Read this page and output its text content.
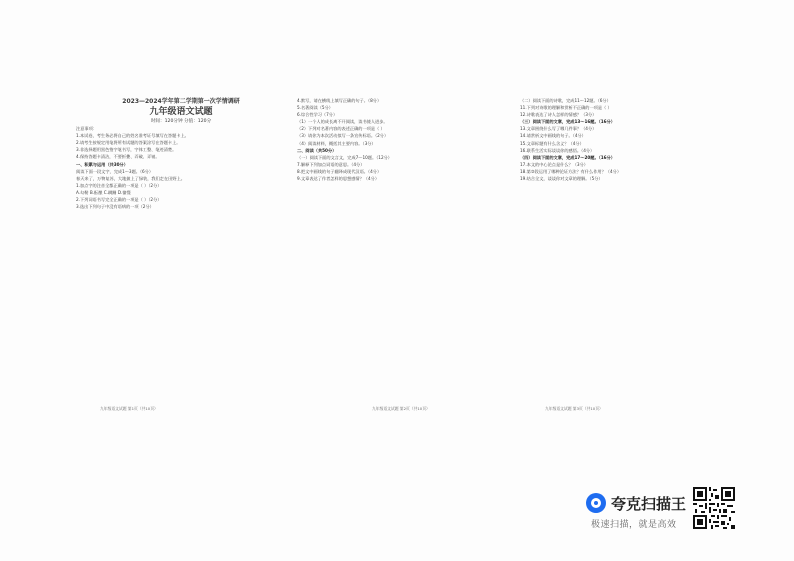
2023—2024学年第二学期第一次学情调研

九年级语文试题

时间：120分钟 分值：120分

注意事项：

1.本试卷，考生务必将自己的姓名准考证号填写在答题卡上。

2.请考生按规定用笔将所有试题的答案涂写在答题卡上。

3.非选择题用黑色签字笔书写，字体工整、笔迹清楚。

4.保持答题卡清洁，不要折叠、弄破、弄皱。

一、积累与运用（共30分）

阅读下面一段文字，完成1～3题。（6分）

春天来了，万物复苏，大地披上了绿装，我们走在田野上。

1.加点字的注音全都正确的一项是（ ）（2分）

A.勾勒 B.酝酿 C.蹒跚 D.憧憬

2.下列词语书写完全正确的一项是（ ）（2分）

3.选出下列句子中没有语病的一项（2分）

4.默写，请在横线上填写正确的句子。（8分）

5.名著阅读（5分）

6.综合性学习（7分）

（1）一个人的成长离不开阅读，读书使人进步。

（2）下列对名著内容的表述正确的一项是（ ）

（3）请你为本次活动拟写一条宣传标语。（2分）

（4）阅读材料，概括其主要内容。（3分）

二、阅读（共50分）

（一）阅读下面的文言文，完成7～10题。（12分）

7.解释下列加点词语的意思。（4分）

8.把文中画线的句子翻译成现代汉语。（4分）

9.文章表达了作者怎样的思想感情？（4分）

（二）阅读下面的诗歌，完成11～12题。（6分）

11.下列对诗歌的理解和赏析不正确的一项是（ ）

12.诗歌表达了诗人怎样的情感？（3分）

（三）阅读下面的文章，完成13～16题。（16分）

13.文章围绕什么写了哪几件事？（4分）

14.请赏析文中画线的句子。（4分）

15.文章标题有什么含义？（4分）

16.联系生活实际谈谈你的感悟。（4分）

（四）阅读下面的文章，完成17～20题。（16分）

17.本文的中心论点是什么？（3分）

18.第③段运用了哪种论证方法？有什么作用？（4分）

19.结合全文，谈谈你对文章的理解。（5分）

九年级语文试题 第1页（共10页）	九年级语文试题 第2页（共10页）	九年级语文试题 第3页（共10页）
夸克扫描王
极速扫描，就是高效
